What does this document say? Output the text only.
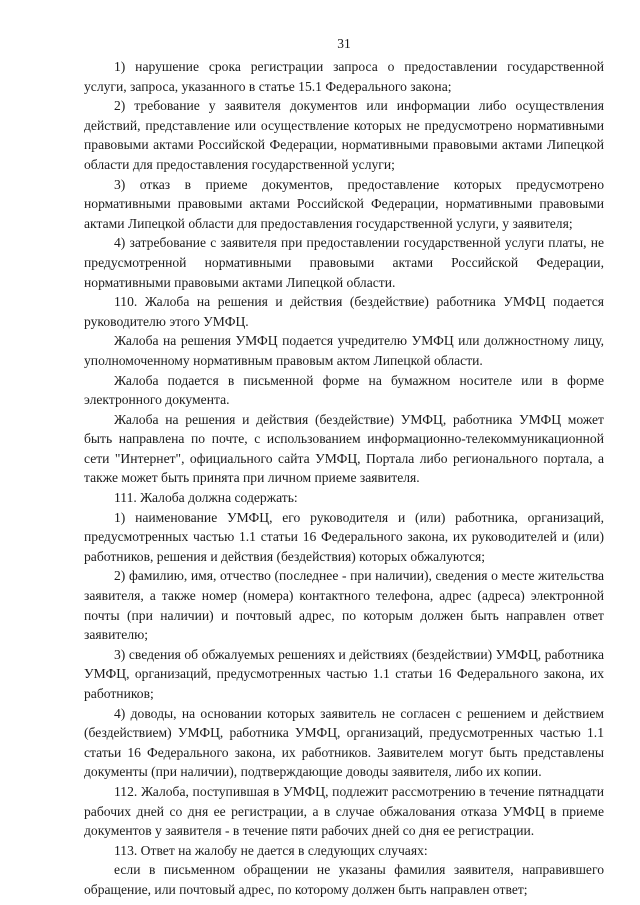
31

1) нарушение срока регистрации запроса о предоставлении государственной услуги, запроса, указанного в статье 15.1 Федерального закона;

2) требование у заявителя документов или информации либо осуществления действий, представление или осуществление которых не предусмотрено нормативными правовыми актами Российской Федерации, нормативными правовыми актами Липецкой области для предоставления государственной услуги;

3) отказ в приеме документов, предоставление которых предусмотрено нормативными правовыми актами Российской Федерации, нормативными правовыми актами Липецкой области для предоставления государственной услуги, у заявителя;

4) затребование с заявителя при предоставлении государственной услуги платы, не предусмотренной нормативными правовыми актами Российской Федерации, нормативными правовыми актами Липецкой области.

110. Жалоба на решения и действия (бездействие) работника УМФЦ подается руководителю этого УМФЦ.

Жалоба на решения УМФЦ подается учредителю УМФЦ или должностному лицу, уполномоченному нормативным правовым актом Липецкой области.

Жалоба подается в письменной форме на бумажном носителе или в форме электронного документа.

Жалоба на решения и действия (бездействие) УМФЦ, работника УМФЦ может быть направлена по почте, с использованием информационно-телекоммуникационной сети "Интернет", официального сайта УМФЦ, Портала либо регионального портала, а также может быть принята при личном приеме заявителя.

111. Жалоба должна содержать:

1) наименование УМФЦ, его руководителя и (или) работника, организаций, предусмотренных частью 1.1 статьи 16 Федерального закона, их руководителей и (или) работников, решения и действия (бездействия) которых обжалуются;

2) фамилию, имя, отчество (последнее - при наличии), сведения о месте жительства заявителя, а также номер (номера) контактного телефона, адрес (адреса) электронной почты (при наличии) и почтовый адрес, по которым должен быть направлен ответ заявителю;

3) сведения об обжалуемых решениях и действиях (бездействии) УМФЦ, работника УМФЦ, организаций, предусмотренных частью 1.1 статьи 16 Федерального закона, их работников;

4) доводы, на основании которых заявитель не согласен с решением и действием (бездействием) УМФЦ, работника УМФЦ, организаций, предусмотренных частью 1.1 статьи 16 Федерального закона, их работников. Заявителем могут быть представлены документы (при наличии), подтверждающие доводы заявителя, либо их копии.

112. Жалоба, поступившая в УМФЦ, подлежит рассмотрению в течение пятнадцати рабочих дней со дня ее регистрации, а в случае обжалования отказа УМФЦ в приеме документов у заявителя - в течение пяти рабочих дней со дня ее регистрации.

113. Ответ на жалобу не дается в следующих случаях:

если в письменном обращении не указаны фамилия заявителя, направившего обращение, или почтовый адрес, по которому должен быть направлен ответ;
